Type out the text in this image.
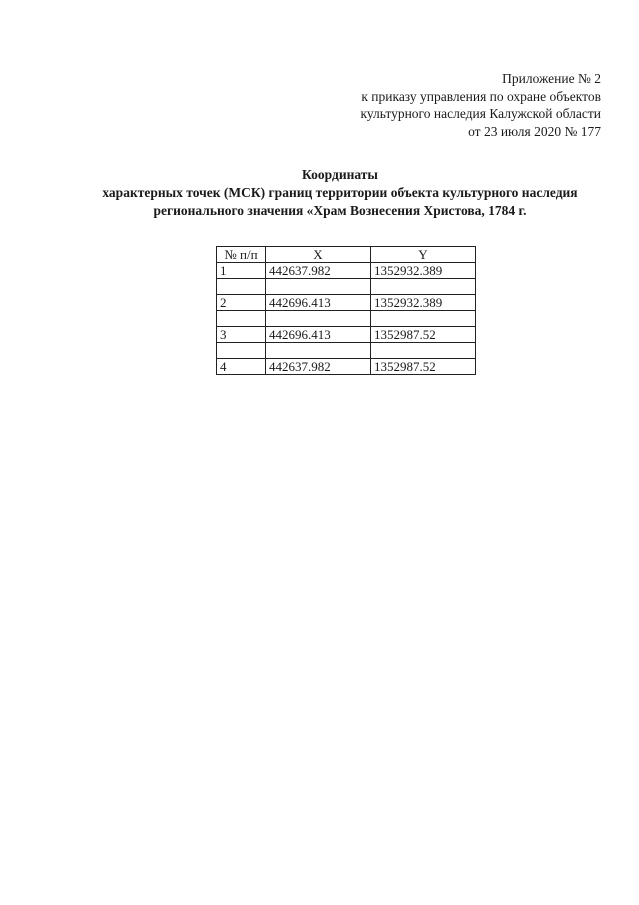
Приложение № 2
к приказу управления по охране объектов
культурного наследия Калужской области
от 23 июля 2020 № 177
Координаты
характерных точек (МСК) границ территории объекта культурного наследия
регионального значения «Храм Вознесения Христова, 1784 г.
№ п/п	X	Y
1	442637.982	1352932.389

2	442696.413	1352932.389

3	442696.413	1352987.52

4	442637.982	1352987.52
